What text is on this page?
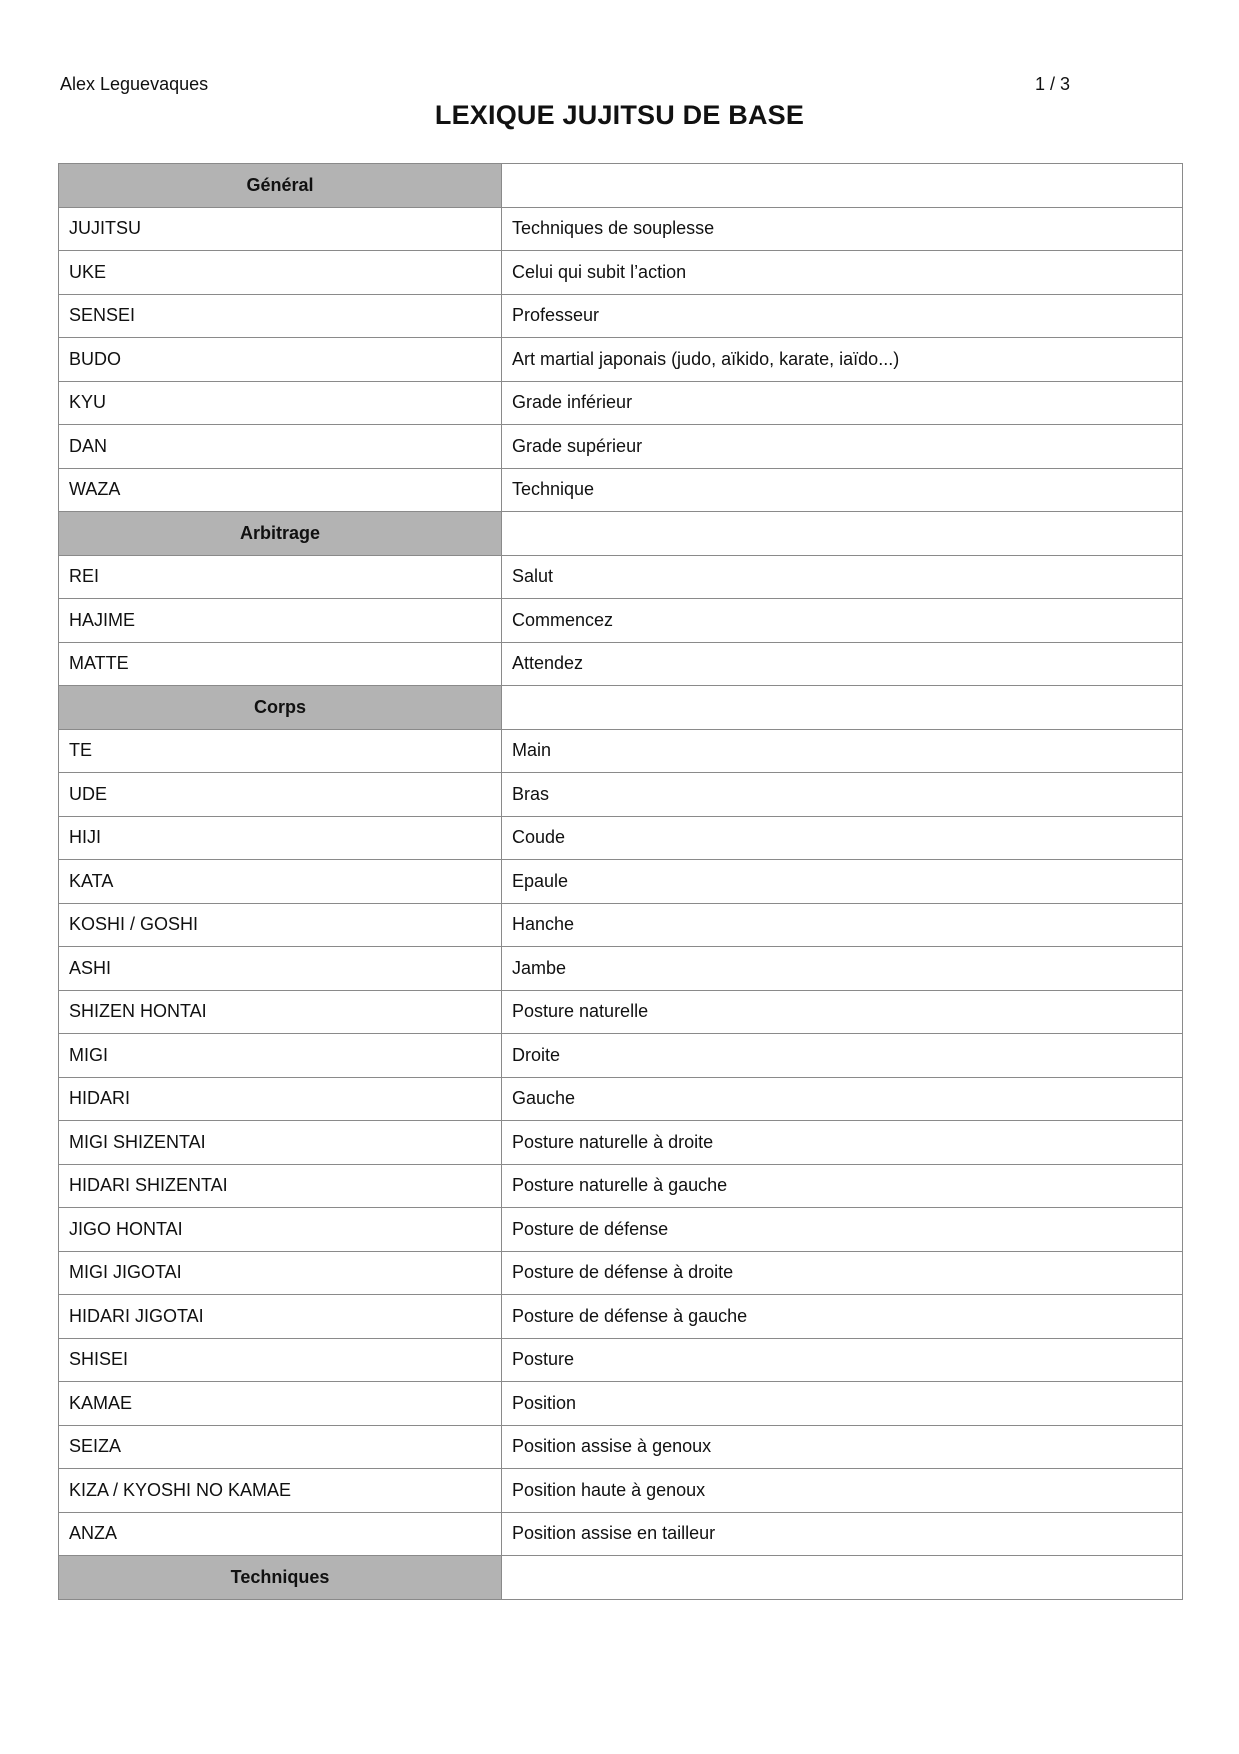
Alex Leguevaques	1 / 3
LEXIQUE JUJITSU DE BASE
Général	
JUJITSU	Techniques de souplesse
UKE	Celui qui subit l’action
SENSEI	Professeur
BUDO	Art martial japonais (judo, aïkido, karate, iaïdo...)
KYU	Grade inférieur
DAN	Grade supérieur
WAZA	Technique
Arbitrage	
REI	Salut
HAJIME	Commencez
MATTE	Attendez
Corps	
TE	Main
UDE	Bras
HIJI	Coude
KATA	Epaule
KOSHI / GOSHI	Hanche
ASHI	Jambe
SHIZEN HONTAI	Posture naturelle
MIGI	Droite
HIDARI	Gauche
MIGI SHIZENTAI	Posture naturelle à droite
HIDARI SHIZENTAI	Posture naturelle à gauche
JIGO HONTAI	Posture de défense
MIGI JIGOTAI	Posture de défense à droite
HIDARI JIGOTAI	Posture de défense à gauche
SHISEI	Posture
KAMAE	Position
SEIZA	Position assise à genoux
KIZA / KYOSHI NO KAMAE	Position haute à genoux
ANZA	Position assise en tailleur
Techniques	
